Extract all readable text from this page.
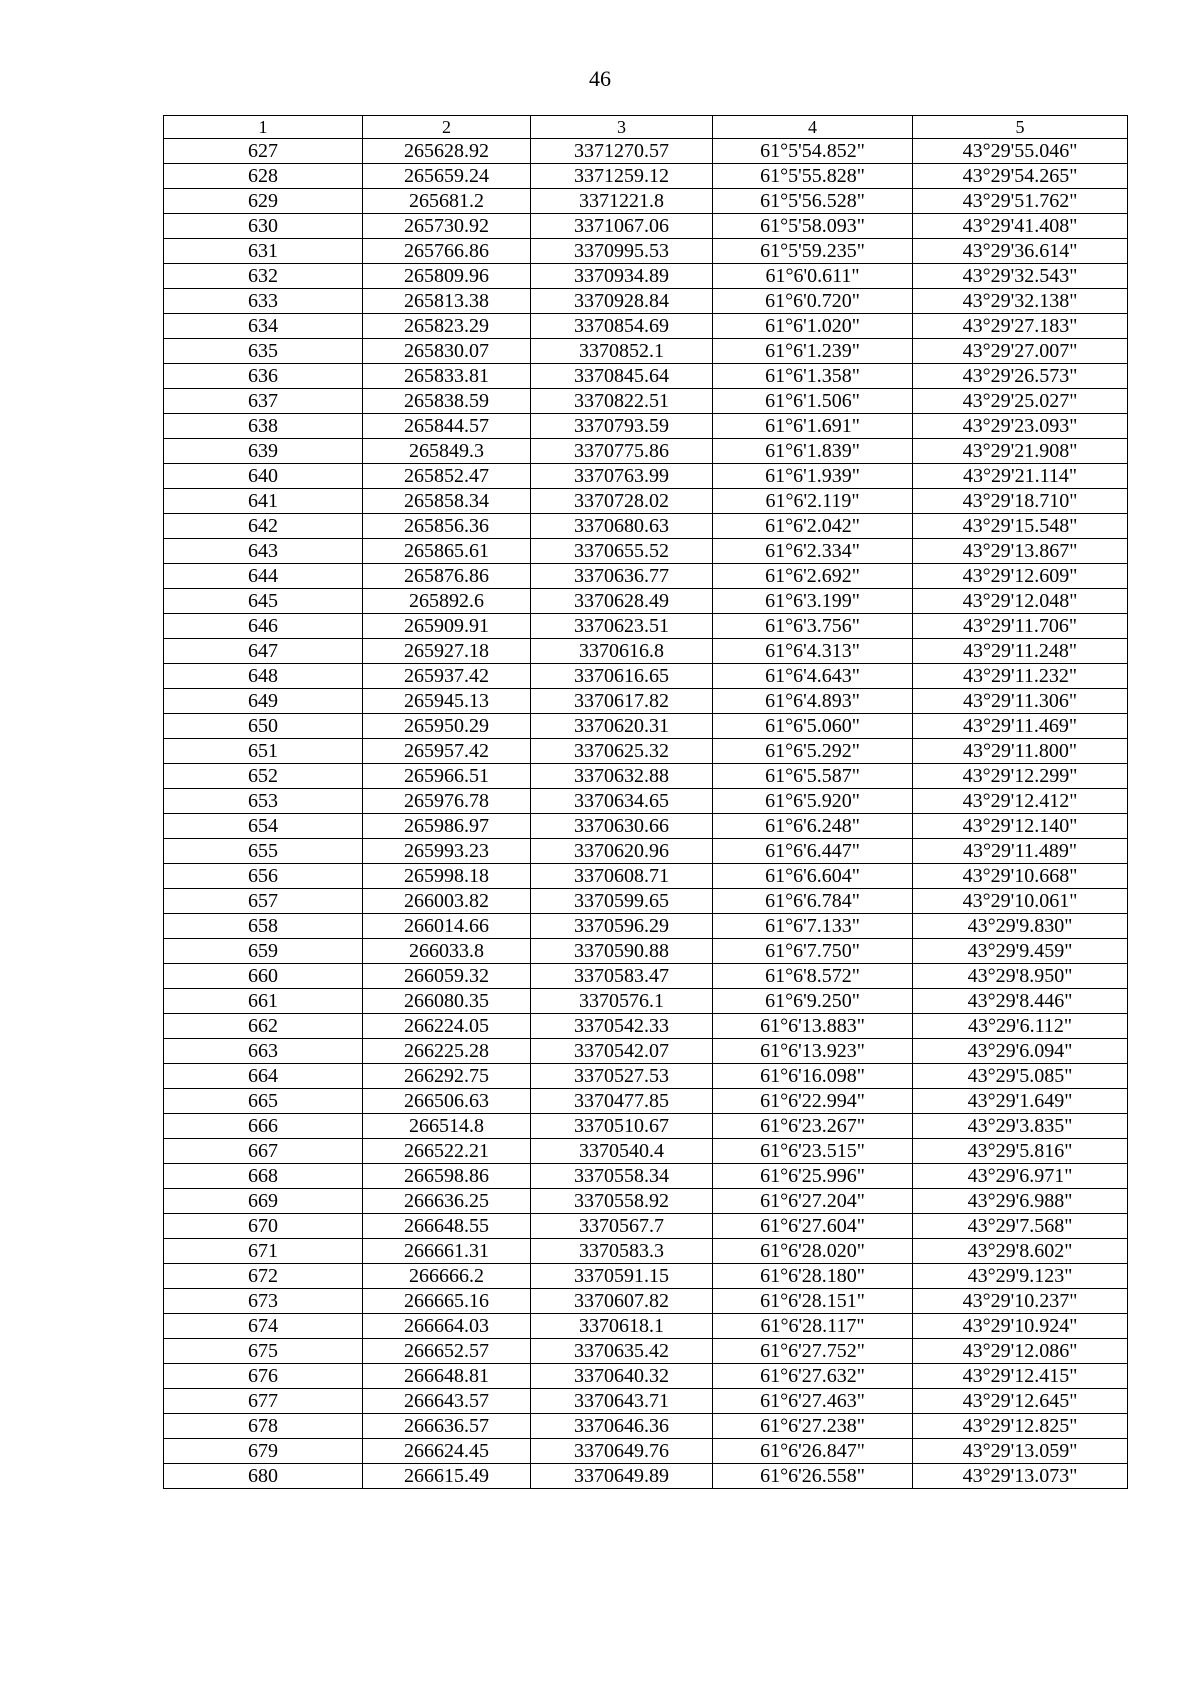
46
1	2	3	4	5
627	265628.92	3371270.57	61°5'54.852"	43°29'55.046"
628	265659.24	3371259.12	61°5'55.828"	43°29'54.265"
629	265681.2	3371221.8	61°5'56.528"	43°29'51.762"
630	265730.92	3371067.06	61°5'58.093"	43°29'41.408"
631	265766.86	3370995.53	61°5'59.235"	43°29'36.614"
632	265809.96	3370934.89	61°6'0.611"	43°29'32.543"
633	265813.38	3370928.84	61°6'0.720"	43°29'32.138"
634	265823.29	3370854.69	61°6'1.020"	43°29'27.183"
635	265830.07	3370852.1	61°6'1.239"	43°29'27.007"
636	265833.81	3370845.64	61°6'1.358"	43°29'26.573"
637	265838.59	3370822.51	61°6'1.506"	43°29'25.027"
638	265844.57	3370793.59	61°6'1.691"	43°29'23.093"
639	265849.3	3370775.86	61°6'1.839"	43°29'21.908"
640	265852.47	3370763.99	61°6'1.939"	43°29'21.114"
641	265858.34	3370728.02	61°6'2.119"	43°29'18.710"
642	265856.36	3370680.63	61°6'2.042"	43°29'15.548"
643	265865.61	3370655.52	61°6'2.334"	43°29'13.867"
644	265876.86	3370636.77	61°6'2.692"	43°29'12.609"
645	265892.6	3370628.49	61°6'3.199"	43°29'12.048"
646	265909.91	3370623.51	61°6'3.756"	43°29'11.706"
647	265927.18	3370616.8	61°6'4.313"	43°29'11.248"
648	265937.42	3370616.65	61°6'4.643"	43°29'11.232"
649	265945.13	3370617.82	61°6'4.893"	43°29'11.306"
650	265950.29	3370620.31	61°6'5.060"	43°29'11.469"
651	265957.42	3370625.32	61°6'5.292"	43°29'11.800"
652	265966.51	3370632.88	61°6'5.587"	43°29'12.299"
653	265976.78	3370634.65	61°6'5.920"	43°29'12.412"
654	265986.97	3370630.66	61°6'6.248"	43°29'12.140"
655	265993.23	3370620.96	61°6'6.447"	43°29'11.489"
656	265998.18	3370608.71	61°6'6.604"	43°29'10.668"
657	266003.82	3370599.65	61°6'6.784"	43°29'10.061"
658	266014.66	3370596.29	61°6'7.133"	43°29'9.830"
659	266033.8	3370590.88	61°6'7.750"	43°29'9.459"
660	266059.32	3370583.47	61°6'8.572"	43°29'8.950"
661	266080.35	3370576.1	61°6'9.250"	43°29'8.446"
662	266224.05	3370542.33	61°6'13.883"	43°29'6.112"
663	266225.28	3370542.07	61°6'13.923"	43°29'6.094"
664	266292.75	3370527.53	61°6'16.098"	43°29'5.085"
665	266506.63	3370477.85	61°6'22.994"	43°29'1.649"
666	266514.8	3370510.67	61°6'23.267"	43°29'3.835"
667	266522.21	3370540.4	61°6'23.515"	43°29'5.816"
668	266598.86	3370558.34	61°6'25.996"	43°29'6.971"
669	266636.25	3370558.92	61°6'27.204"	43°29'6.988"
670	266648.55	3370567.7	61°6'27.604"	43°29'7.568"
671	266661.31	3370583.3	61°6'28.020"	43°29'8.602"
672	266666.2	3370591.15	61°6'28.180"	43°29'9.123"
673	266665.16	3370607.82	61°6'28.151"	43°29'10.237"
674	266664.03	3370618.1	61°6'28.117"	43°29'10.924"
675	266652.57	3370635.42	61°6'27.752"	43°29'12.086"
676	266648.81	3370640.32	61°6'27.632"	43°29'12.415"
677	266643.57	3370643.71	61°6'27.463"	43°29'12.645"
678	266636.57	3370646.36	61°6'27.238"	43°29'12.825"
679	266624.45	3370649.76	61°6'26.847"	43°29'13.059"
680	266615.49	3370649.89	61°6'26.558"	43°29'13.073"
